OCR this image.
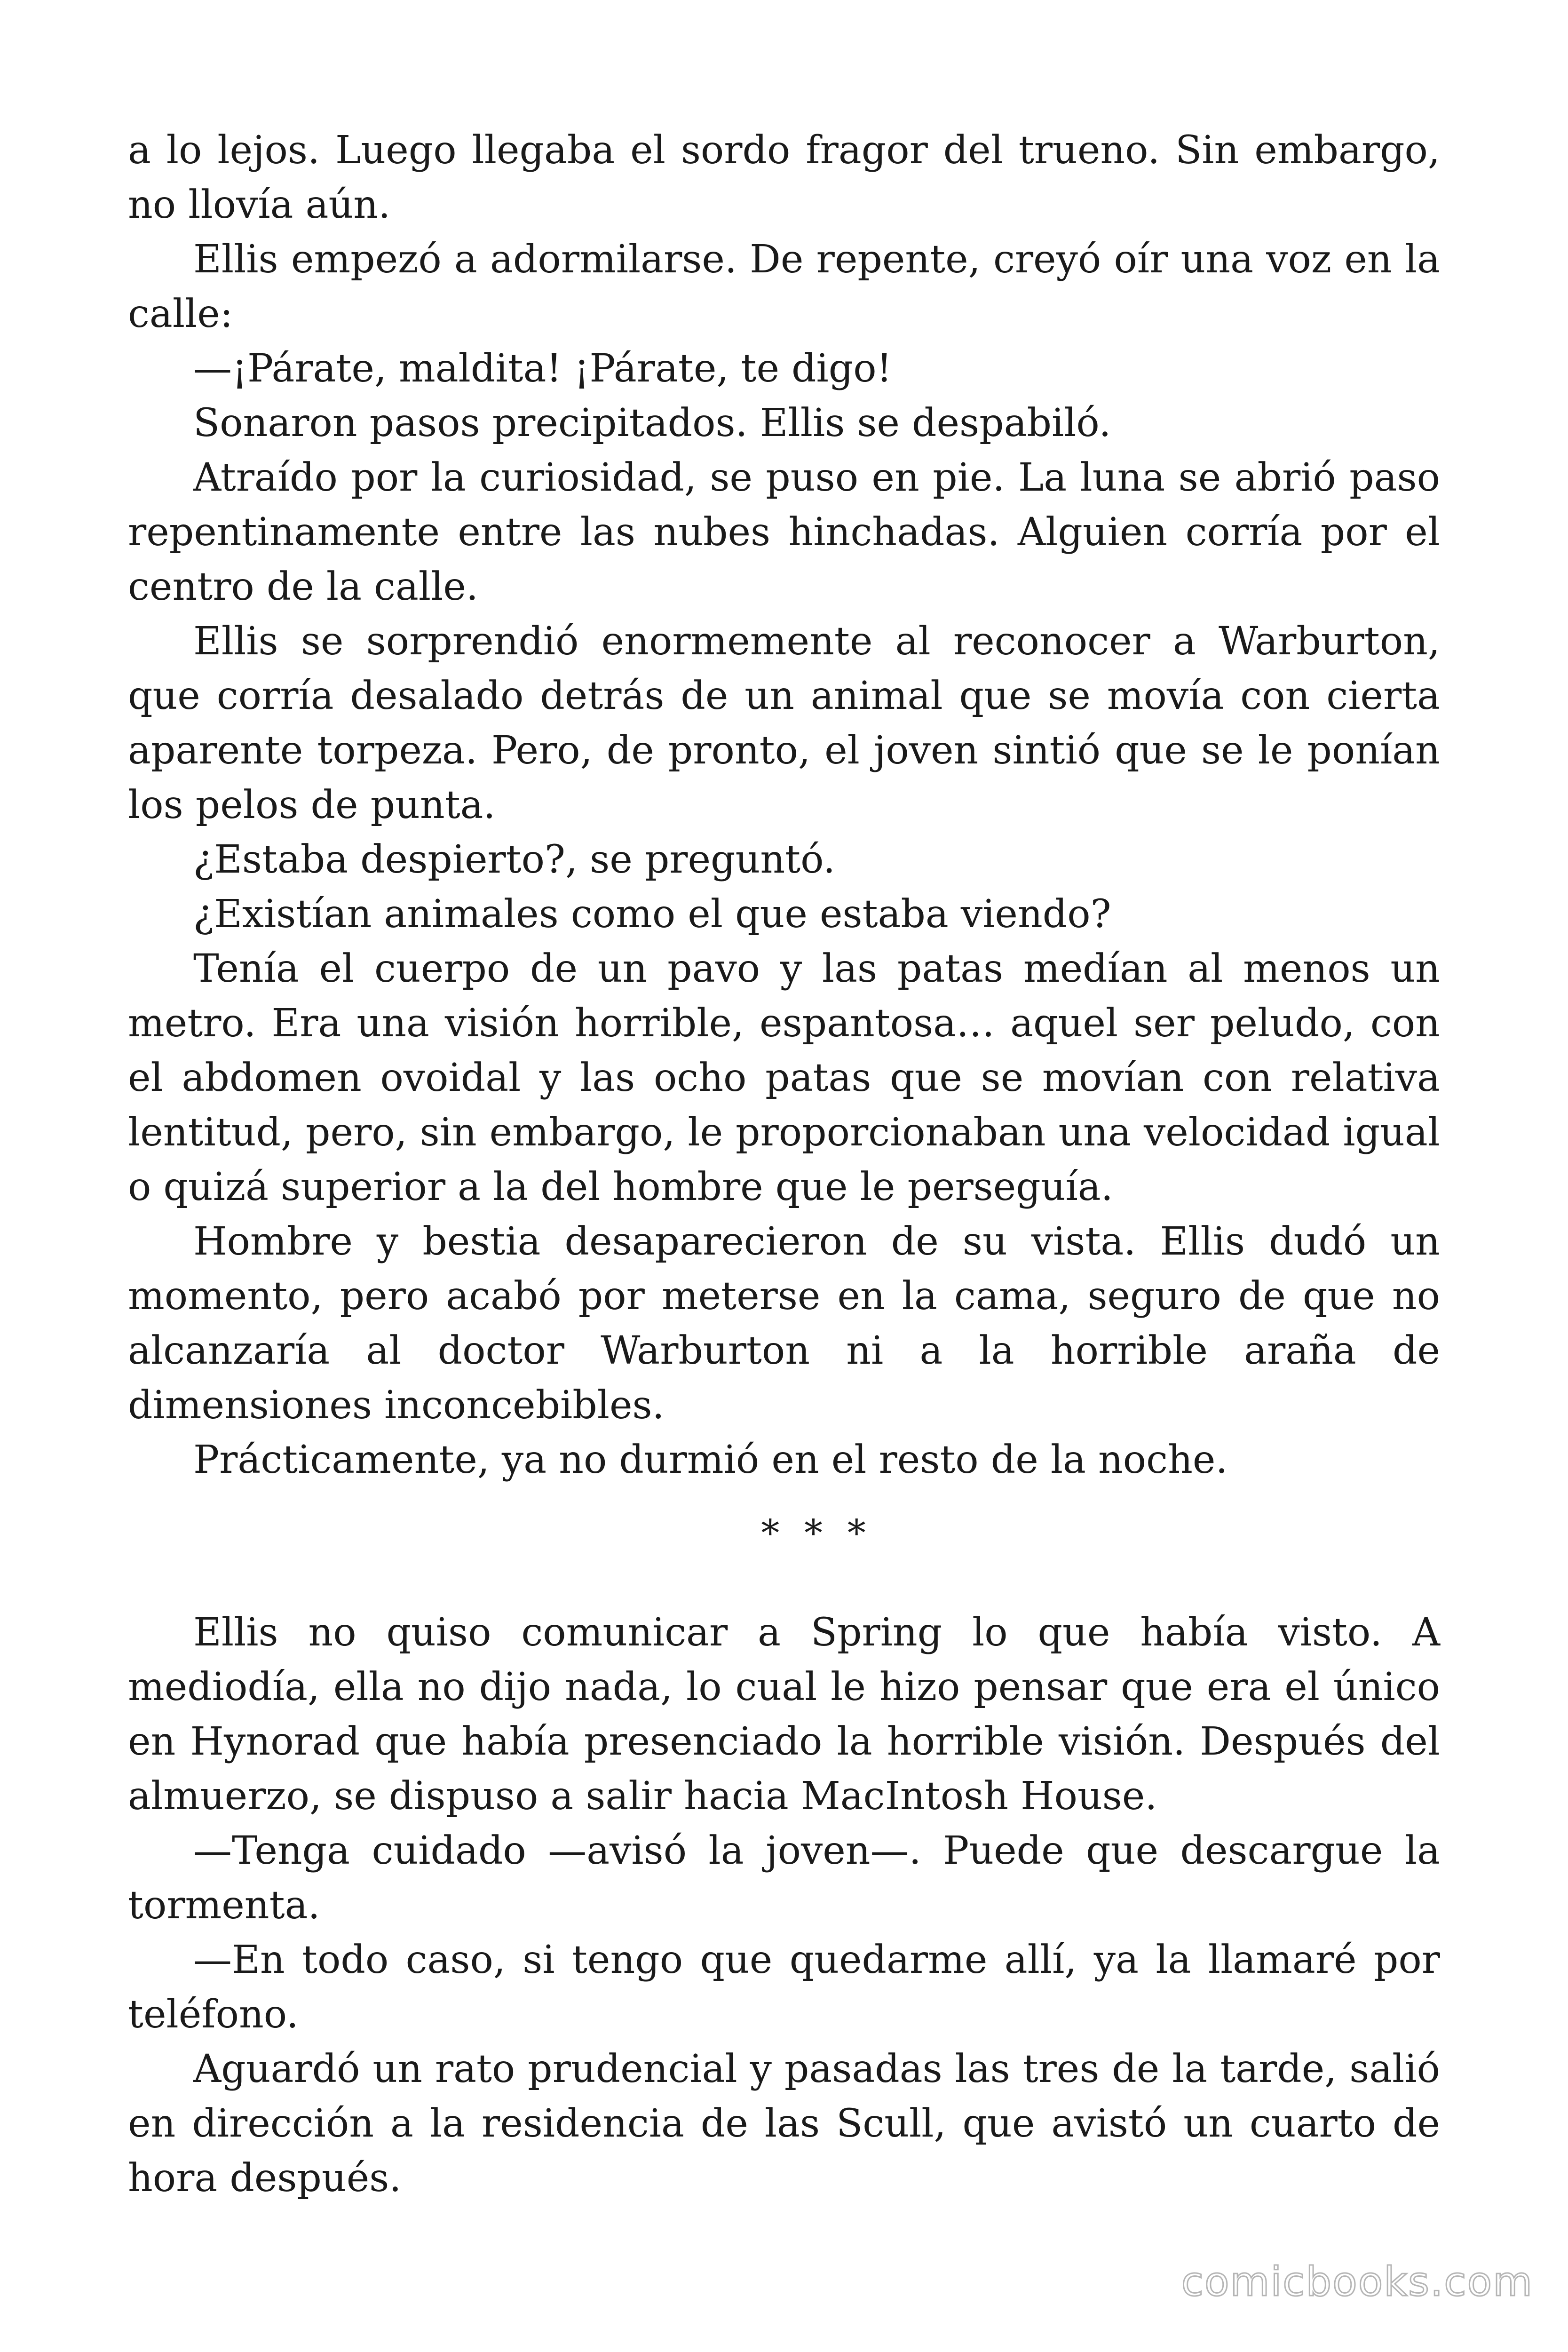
a lo lejos. Luego llegaba el sordo fragor del trueno. Sin embargo, no llovía aún.

Ellis empezó a adormilarse. De repente, creyó oír una voz en la calle:

—¡Párate, maldita! ¡Párate, te digo!

Sonaron pasos precipitados. Ellis se despabiló.

Atraído por la curiosidad, se puso en pie. La luna se abrió paso repentinamente entre las nubes hinchadas. Alguien corría por el centro de la calle.

Ellis se sorprendió enormemente al reconocer a Warburton, que corría desalado detrás de un animal que se movía con cierta aparente torpeza. Pero, de pronto, el joven sintió que se le ponían los pelos de punta.

¿Estaba despierto?, se preguntó.

¿Existían animales como el que estaba viendo?

Tenía el cuerpo de un pavo y las patas medían al menos un metro. Era una visión horrible, espantosa… aquel ser peludo, con el abdomen ovoidal y las ocho patas que se movían con relativa lentitud, pero, sin embargo, le proporcionaban una velocidad igual o quizá superior a la del hombre que le perseguía.

Hombre y bestia desaparecieron de su vista. Ellis dudó un momento, pero acabó por meterse en la cama, seguro de que no alcanzaría al doctor Warburton ni a la horrible araña de dimensiones inconcebibles.

Prácticamente, ya no durmió en el resto de la noche.

* * *

Ellis no quiso comunicar a Spring lo que había visto. A mediodía, ella no dijo nada, lo cual le hizo pensar que era el único en Hynorad que había presenciado la horrible visión. Después del almuerzo, se dispuso a salir hacia MacIntosh House.

—Tenga cuidado —avisó la joven—. Puede que descargue la tormenta.

—En todo caso, si tengo que quedarme allí, ya la llamaré por teléfono.

Aguardó un rato prudencial y pasadas las tres de la tarde, salió en dirección a la residencia de las Scull, que avistó un cuarto de hora después.

comicbooks.com
